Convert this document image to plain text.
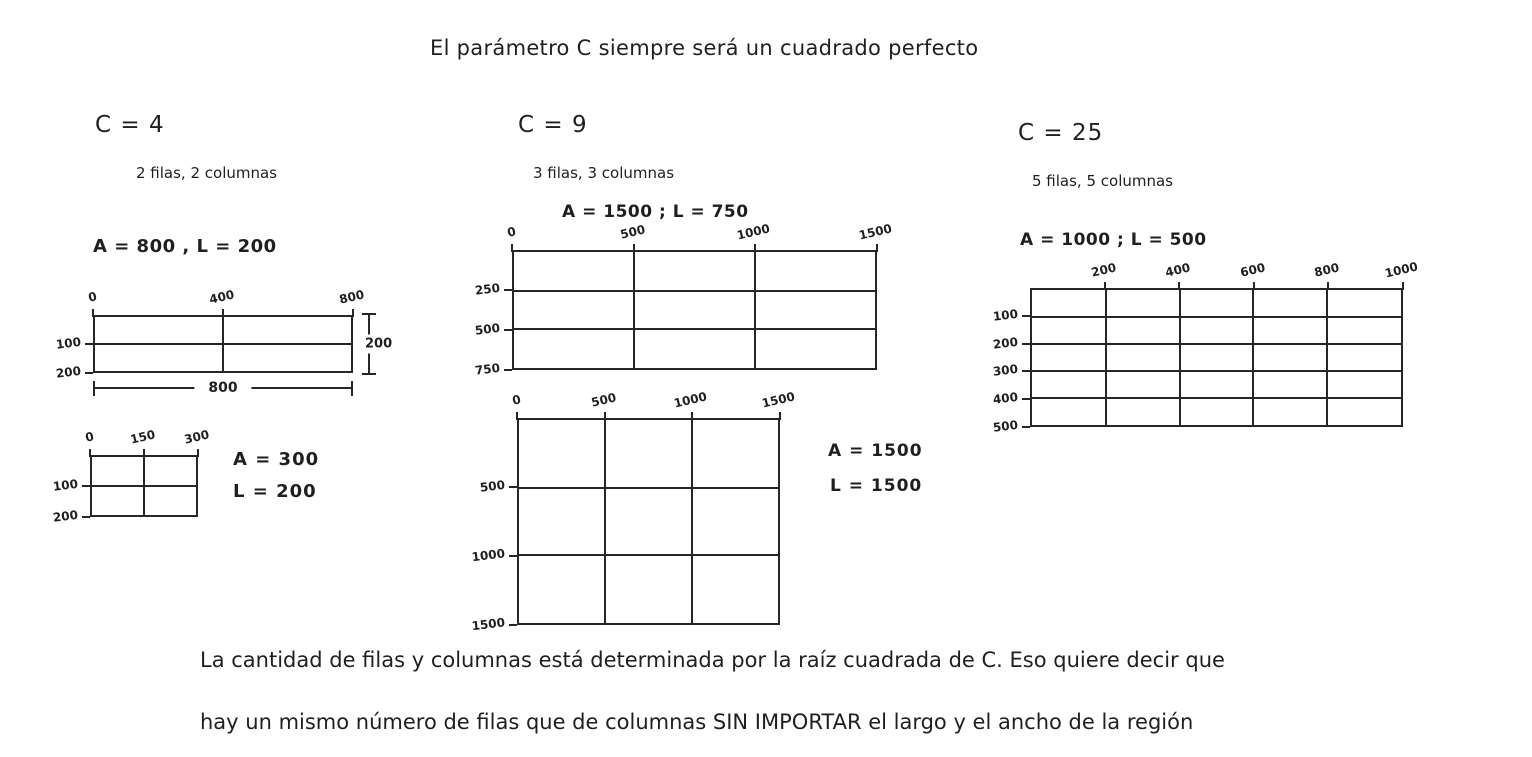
El parámetro C siempre será un cuadrado perfecto
C = 4
2 filas, 2 columnas
A = 800 , L = 200
0	400	800
100
200
200
800
0	150 300
100
200
A = 300
L = 200
C = 9
3 filas, 3 columnas
A = 1500 ; L = 750
0	500	1000	1500
250
500
750
0	500	1000	1500
500
1000
1500
A = 1500
L = 1500
C = 25
5 filas, 5 columnas
A = 1000 ; L = 500
200	400	600	800	1000
100
200
300
400
500
La cantidad de filas y columnas está determinada por la raíz cuadrada de C. Eso quiere decir que

hay un mismo número de filas que de columnas SIN IMPORTAR el largo y el ancho de la región
